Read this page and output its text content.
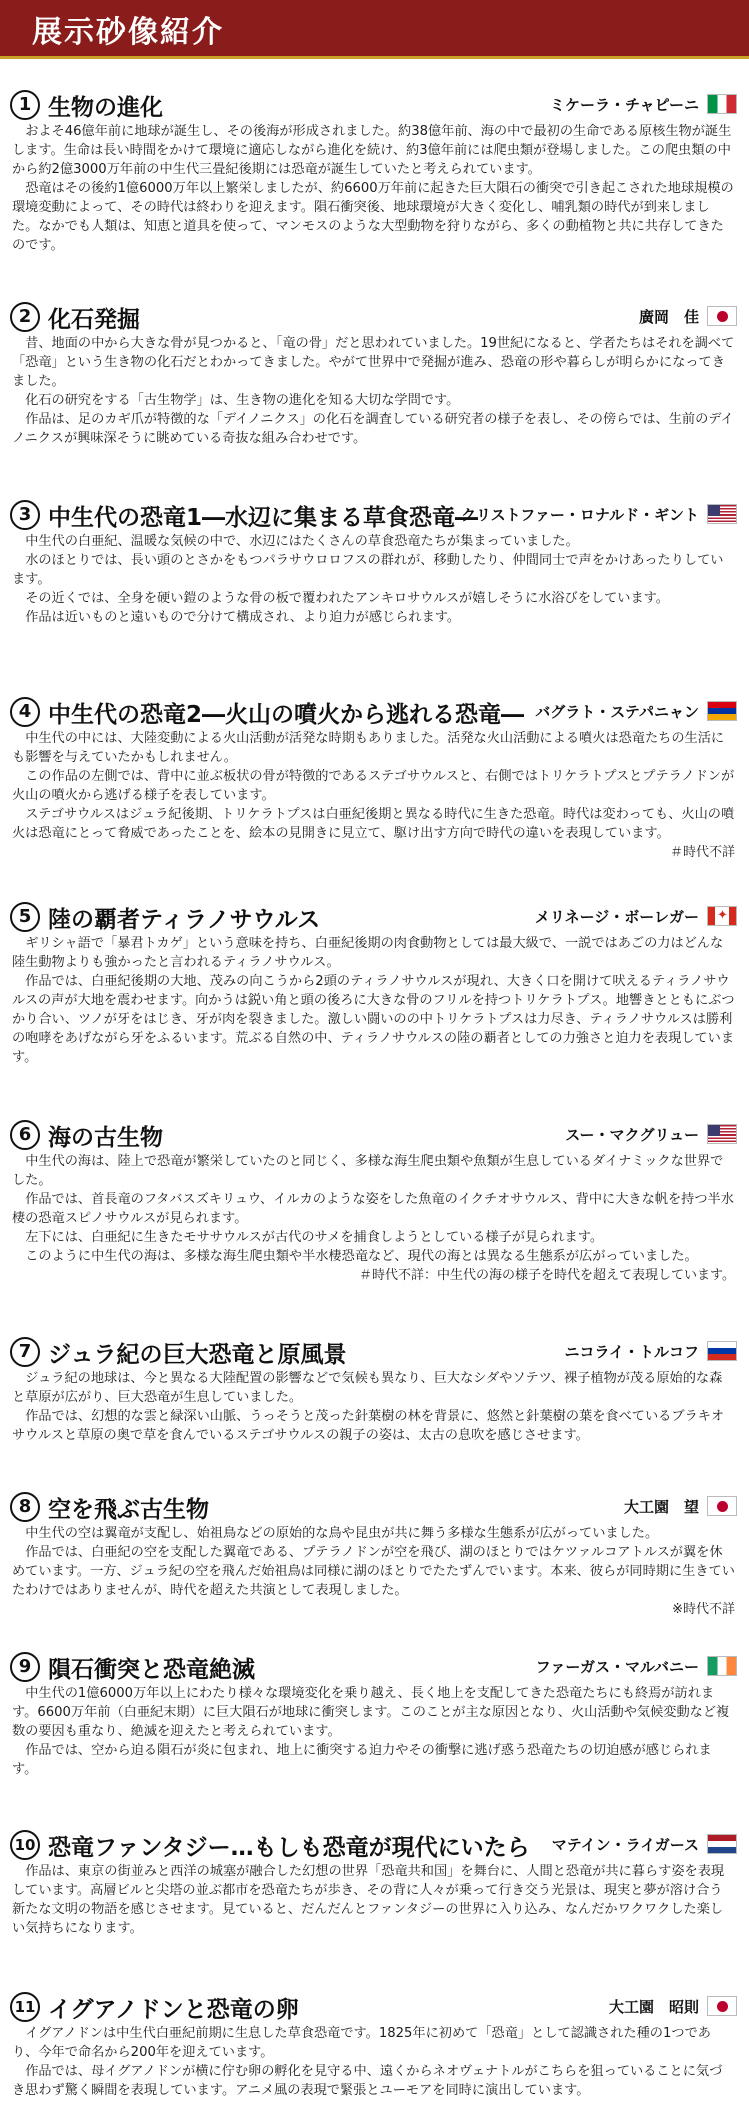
展示砂像紹介
1 生物の進化	ミケーラ・チャピーニ

およそ46億年前に地球が誕生し、その後海が形成されました。約38億年前、海の中で最初の生命である原核生物が誕生します。生命は長い時間をかけて環境に適応しながら進化を続け、約3億年前には爬虫類が登場しました。この爬虫類の中から約2億3000万年前の中生代三畳紀後期には恐竜が誕生していたと考えられています。

恐竜はその後約1億6000万年以上繁栄しましたが、約6600万年前に起きた巨大隕石の衝突で引き起こされた地球規模の環境変動によって、その時代は終わりを迎えます。隕石衝突後、地球環境が大きく変化し、哺乳類の時代が到来しました。なかでも人類は、知恵と道具を使って、マンモスのような大型動物を狩りながら、多くの動植物と共に共存してきたのです。

2 化石発掘	廣岡　佳

昔、地面の中から大きな骨が見つかると、「竜の骨」だと思われていました。19世紀になると、学者たちはそれを調べて「恐竜」という生き物の化石だとわかってきました。やがて世界中で発掘が進み、恐竜の形や暮らしが明らかになってきました。

化石の研究をする「古生物学」は、生き物の進化を知る大切な学問です。

作品は、足のカギ爪が特徴的な「デイノニクス」の化石を調査している研究者の様子を表し、その傍らでは、生前のデイノニクスが興味深そうに眺めている奇抜な組み合わせです。

3 中生代の恐竜1―水辺に集まる草食恐竜―
クリストファー・ロナルド・ギント

中生代の白亜紀、温暖な気候の中で、水辺にはたくさんの草食恐竜たちが集まっていました。

水のほとりでは、長い頭のとさかをもつパラサウロロフスの群れが、移動したり、仲間同士で声をかけあったりしています。

その近くでは、全身を硬い鎧のような骨の板で覆われたアンキロサウルスが嬉しそうに水浴びをしています。

作品は近いものと遠いもので分けて構成され、より迫力が感じられます。

4 中生代の恐竜2―火山の噴火から逃れる恐竜― バグラト・ステパニャン

中生代の中には、大陸変動による火山活動が活発な時期もありました。活発な火山活動による噴火は恐竜たちの生活にも影響を与えていたかもしれません。

この作品の左側では、背中に並ぶ板状の骨が特徴的であるステゴサウルスと、右側ではトリケラトプスとプテラノドンが火山の噴火から逃げる様子を表しています。

ステゴサウルスはジュラ紀後期、トリケラトプスは白亜紀後期と異なる時代に生きた恐竜。時代は変わっても、火山の噴火は恐竜にとって脅威であったことを、絵本の見開きに見立て、駆け出す方向で時代の違いを表現しています。

＃時代不詳

5 陸の覇者ティラノサウルス	メリネージ・ボーレガー
✦

ギリシャ語で「暴君トカゲ」という意味を持ち、白亜紀後期の肉食動物としては最大級で、一説ではあごの力はどんな陸生動物よりも強かったと言われるティラノサウルス。

作品では、白亜紀後期の大地、茂みの向こうから2頭のティラノサウルスが現れ、大きく口を開けて吠えるティラノサウルスの声が大地を震わせます。向かうは鋭い角と頭の後ろに大きな骨のフリルを持つトリケラトプス。地響きとともにぶつかり合い、ツノが牙をはじき、牙が肉を裂きました。激しい闘いのの中トリケラトプスは力尽き、ティラノサウルスは勝利の咆哮をあげながら牙をふるいます。荒ぶる自然の中、ティラノサウルスの陸の覇者としての力強さと迫力を表現しています。

6 海の古生物	スー・マクグリュー

中生代の海は、陸上で恐竜が繁栄していたのと同じく、多様な海生爬虫類や魚類が生息しているダイナミックな世界でした。

作品では、首長竜のフタバスズキリュウ、イルカのような姿をした魚竜のイクチオサウルス、背中に大きな帆を持つ半水棲の恐竜スピノサウルスが見られます。

左下には、白亜紀に生きたモササウルスが古代のサメを捕食しようとしている様子が見られます。

このように中生代の海は、多様な海生爬虫類や半水棲恐竜など、現代の海とは異なる生態系が広がっていました。

＃時代不詳：中生代の海の様子を時代を超えて表現しています。

7 ジュラ紀の巨大恐竜と原風景	ニコライ・トルコフ

ジュラ紀の地球は、今と異なる大陸配置の影響などで気候も異なり、巨大なシダやソテツ、裸子植物が茂る原始的な森と草原が広がり、巨大恐竜が生息していました。

作品では、幻想的な雲と緑深い山脈、うっそうと茂った針葉樹の林を背景に、悠然と針葉樹の葉を食べているブラキオサウルスと草原の奥で草を食んでいるステゴサウルスの親子の姿は、太古の息吹を感じさせます。

8 空を飛ぶ古生物	大工園　望

中生代の空は翼竜が支配し、始祖鳥などの原始的な鳥や昆虫が共に舞う多様な生態系が広がっていました。

作品では、白亜紀の空を支配した翼竜である、プテラノドンが空を飛び、湖のほとりではケツァルコアトルスが翼を休めています。一方、ジュラ紀の空を飛んだ始祖鳥は同様に湖のほとりでたたずんでいます。本来、彼らが同時期に生きていたわけではありませんが、時代を超えた共演として表現しました。

※時代不詳

9 隕石衝突と恐竜絶滅	ファーガス・マルバニー

中生代の1億6000万年以上にわたり様々な環境変化を乗り越え、長く地上を支配してきた恐竜たちにも終焉が訪れます。6600万年前（白亜紀末期）に巨大隕石が地球に衝突します。このことが主な原因となり、火山活動や気候変動など複数の要因も重なり、絶滅を迎えたと考えられています。

作品では、空から迫る隕石が炎に包まれ、地上に衝突する迫力やその衝撃に逃げ惑う恐竜たちの切迫感が感じられます。

10 恐竜ファンタジー…もしも恐竜が現代にいたら マテイン・ライガース

作品は、東京の街並みと西洋の城塞が融合した幻想の世界「恐竜共和国」を舞台に、人間と恐竜が共に暮らす姿を表現しています。高層ビルと尖塔の並ぶ都市を恐竜たちが歩き、その背に人々が乗って行き交う光景は、現実と夢が溶け合う新たな文明の物語を感じさせます。見ていると、だんだんとファンタジーの世界に入り込み、なんだかワクワクした楽しい気持ちになります。

11 イグアノドンと恐竜の卵	大工園　昭則

イグアノドンは中生代白亜紀前期に生息した草食恐竜です。1825年に初めて「恐竜」として認識された種の1つであり、今年で命名から200年を迎えています。

作品では、母イグアノドンが横に佇む卵の孵化を見守る中、遠くからネオヴェナトルがこちらを狙っていることに気づき思わず驚く瞬間を表現しています。アニメ風の表現で緊張とユーモアを同時に演出しています。
